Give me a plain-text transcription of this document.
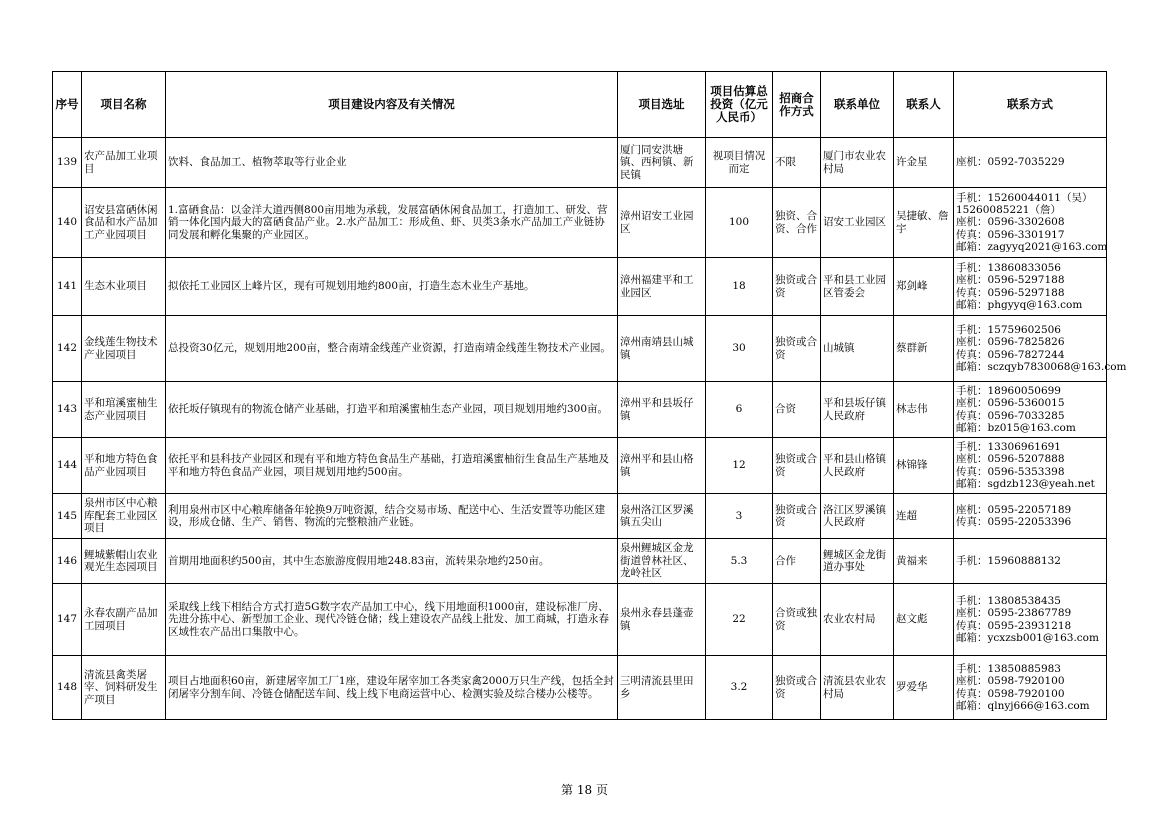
序号	项目名称	项目建设内容及有关情况	项目选址	项目估算总投资（亿元人民币）	招商合作方式	联系单位	联系人	联系方式
139	农产品加工业项目	饮料、食品加工、植物萃取等行业企业	厦门同安洪塘镇、西柯镇、新民镇	视项目情况而定	不限	厦门市农业农村局	许金星	座机：0592-7035229

140	诏安县富硒休闲食品和水产品加工产业园项目	1.富硒食品：以金洋大道西侧800亩用地为承载，发展富硒休闲食品加工，打造加工、研发、营销一体化国内最大的富硒食品产业。2.水产品加工：形成鱼、虾、贝类3条水产品加工产业链协同发展和孵化集聚的产业园区。	漳州诏安工业园区	100	独资、合资、合作	诏安工业园区	吴捷敏、詹宇	手机：15260044011（吴）
15260085221（詹）
座机：0596-3302608
传真：0596-3301917
邮箱：zagyyq2021@163.com

141	生态木业项目	拟依托工业园区上峰片区，现有可规划用地约800亩，打造生态木业生产基地。	漳州福建平和工业园区	18	独资或合资	平和县工业园区管委会	郑剑峰	手机：13860833056
座机：0596-5297188
传真：0596-5297188
邮箱：phgyyq@163.com

142	金线莲生物技术产业园项目	总投资30亿元，规划用地200亩，整合南靖金线莲产业资源，打造南靖金线莲生物技术产业园。	漳州南靖县山城镇	30	独资或合资	山城镇	蔡群新	手机：15759602506
座机：0596-7825826
传真：0596-7827244
邮箱：sczqyb7830068@163.com

143	平和琯溪蜜柚生态产业园项目	依托坂仔镇现有的物流仓储产业基础，打造平和琯溪蜜柚生态产业园，项目规划用地约300亩。	漳州平和县坂仔镇	6	合资	平和县坂仔镇人民政府	林志伟	手机：18960050699
座机：0596-5360015
传真：0596-7033285
邮箱：bz015@163.com

144	平和地方特色食品产业园项目	依托平和县科技产业园区和现有平和地方特色食品生产基础，打造琯溪蜜柚衍生食品生产基地及平和地方特色食品产业园，项目规划用地约500亩。	漳州平和县山格镇	12	独资或合资	平和县山格镇人民政府	林锦锋	手机：13306961691
座机：0596-5207888
传真：0596-5353398
邮箱：sgdzb123@yeah.net

145	泉州市区中心粮库配套工业园区项目	利用泉州市区中心粮库储备年轮换9万吨资源，结合交易市场、配送中心、生活安置等功能区建设，形成仓储、生产、销售、物流的完整粮油产业链。	泉州洛江区罗溪镇五尖山	3	独资或合资	洛江区罗溪镇人民政府	连超	座机：0595-22057189
传真：0595-22053396

146	鲤城紫帽山农业观光生态园项目	首期用地面积约500亩，其中生态旅游度假用地248.83亩，流转果杂地约250亩。	泉州鲤城区金龙街道曾林社区、龙岭社区	5.3	合作	鲤城区金龙街道办事处	黄福来	手机：15960888132

147	永春农副产品加工园项目	采取线上线下相结合方式打造5G数字农产品加工中心，线下用地面积1000亩，建设标准厂房、先进分拣中心、新型加工企业、现代冷链仓储；线上建设农产品线上批发、加工商城，打造永春区域性农产品出口集散中心。	泉州永春县蓬壶镇	22	合资或独资	农业农村局	赵文彪	手机：13808538435
座机：0595-23867789
传真：0595-23931218
邮箱：ycxzsb001@163.com

148	清流县禽类屠宰、饲料研发生产项目	项目占地面积60亩，新建屠宰加工厂1座，建设年屠宰加工各类家禽2000万只生产线，包括全封闭屠宰分割车间、冷链仓储配送车间、线上线下电商运营中心、检测实验及综合楼办公楼等。	三明清流县里田乡	3.2	独资或合资	清流县农业农村局	罗爱华	手机：13850885983
座机：0598-7920100
传真：0598-7920100
邮箱：qlnyj666@163.com
第 18 页
